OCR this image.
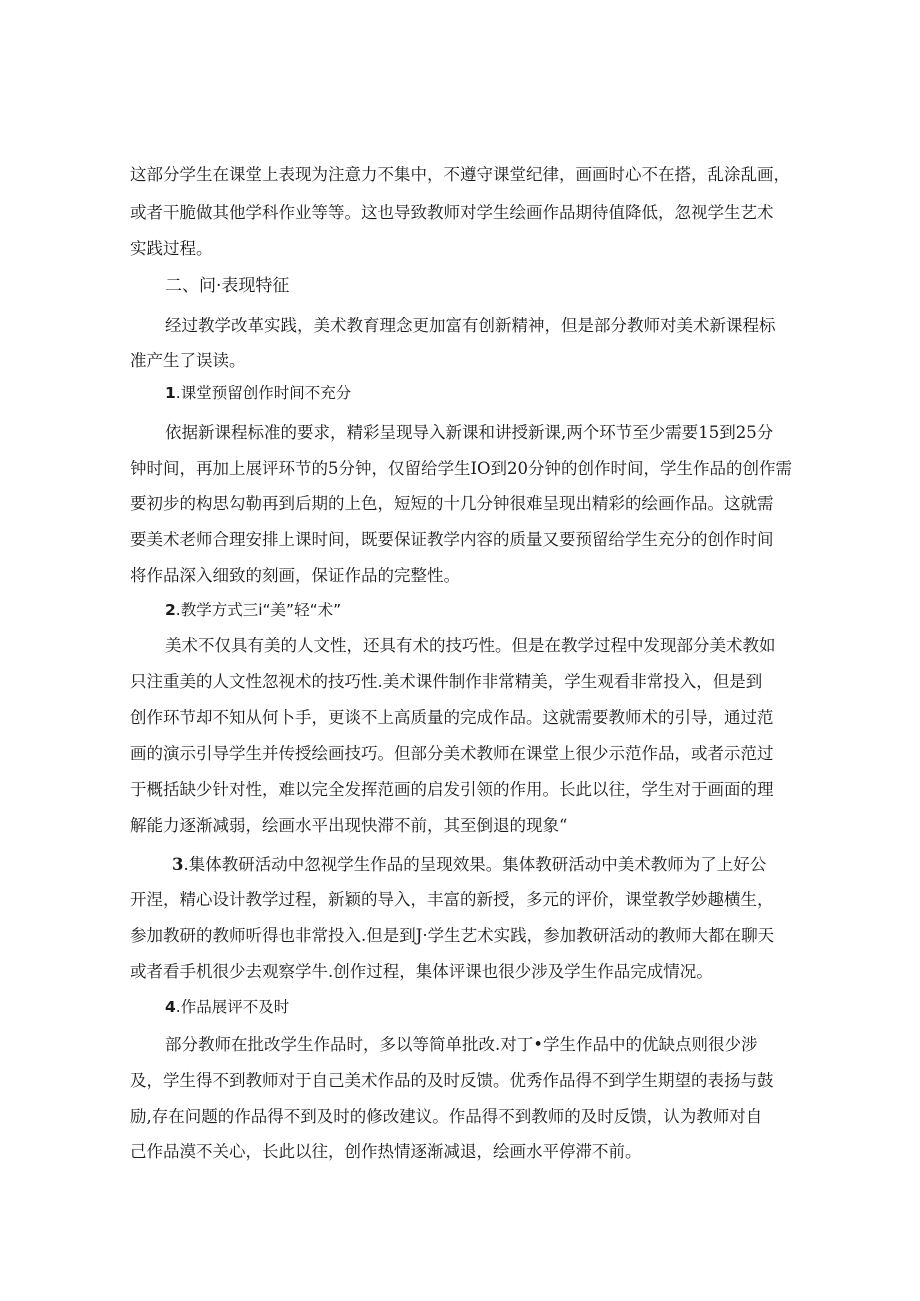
这部分学生在课堂上表现为注意力不集中，不遵守课堂纪律，画画时心不在搭，乱涂乱画，
或者干脆做其他学科作业等等。这也导致教师对学生绘画作品期待值降低，忽视学生艺术
实践过程。
二、问·表现特征
经过教学改革实践，美术教育理念更加富有创新精神，但是部分教师对美术新课程标
准产生了误读。
1.课堂预留创作时间不充分
依据新课程标准的要求，精彩呈现导入新课和讲授新课,两个环节至少需要15到25分
钟时间，再加上展评环节的5分钟，仅留给学生IO到20分钟的创作时间，学生作品的创作需
要初步的构思勾勒再到后期的上色，短短的十几分钟很难呈现出精彩的绘画作品。这就需
要美术老师合理安排上课时间，既要保证教学内容的质量又要预留给学生充分的创作时间
将作品深入细致的刻画，保证作品的完整性。
2.教学方式三i“美”轻“术”
美术不仅具有美的人文性，还具有术的技巧性。但是在教学过程中发现部分美术教如
只注重美的人文性忽视术的技巧性.美术课件制作非常精美，学生观看非常投入，但是到
创作环节却不知从何卜手，更谈不上高质量的完成作品。这就需要教师术的引导，通过范
画的演示引导学生并传授绘画技巧。但部分美术教师在课堂上很少示范作品，或者示范过
于概括缺少针对性，难以完全发挥范画的启发引领的作用。长此以往，学生对于画面的理
解能力逐渐减弱，绘画水平出现快滞不前，其至倒退的现象“
3.集体教研活动中忽视学生作品的呈现效果。集体教研活动中美术教师为了上好公
开涅，精心设计教学过程，新颖的导入，丰富的新授，多元的评价，课堂教学妙趣横生，
参加教研的教师听得也非常投入.但是到J·学生艺术实践，参加教研活动的教师大都在聊天
或者看手机很少去观察学牛.创作过程，集体评课也很少涉及学生作品完成情况。
4.作品展评不及时
部分教师在批改学生作品时，多以等简单批改.对丁•学生作品中的优缺点则很少涉
及，学生得不到教师对于自己美术作品的及时反馈。优秀作品得不到学生期望的表扬与鼓
励,存在问题的作品得不到及时的修改建议。作品得不到教师的及时反馈，认为教师对自
己作品漠不关心，长此以往，创作热情逐渐减退，绘画水平停滞不前。
